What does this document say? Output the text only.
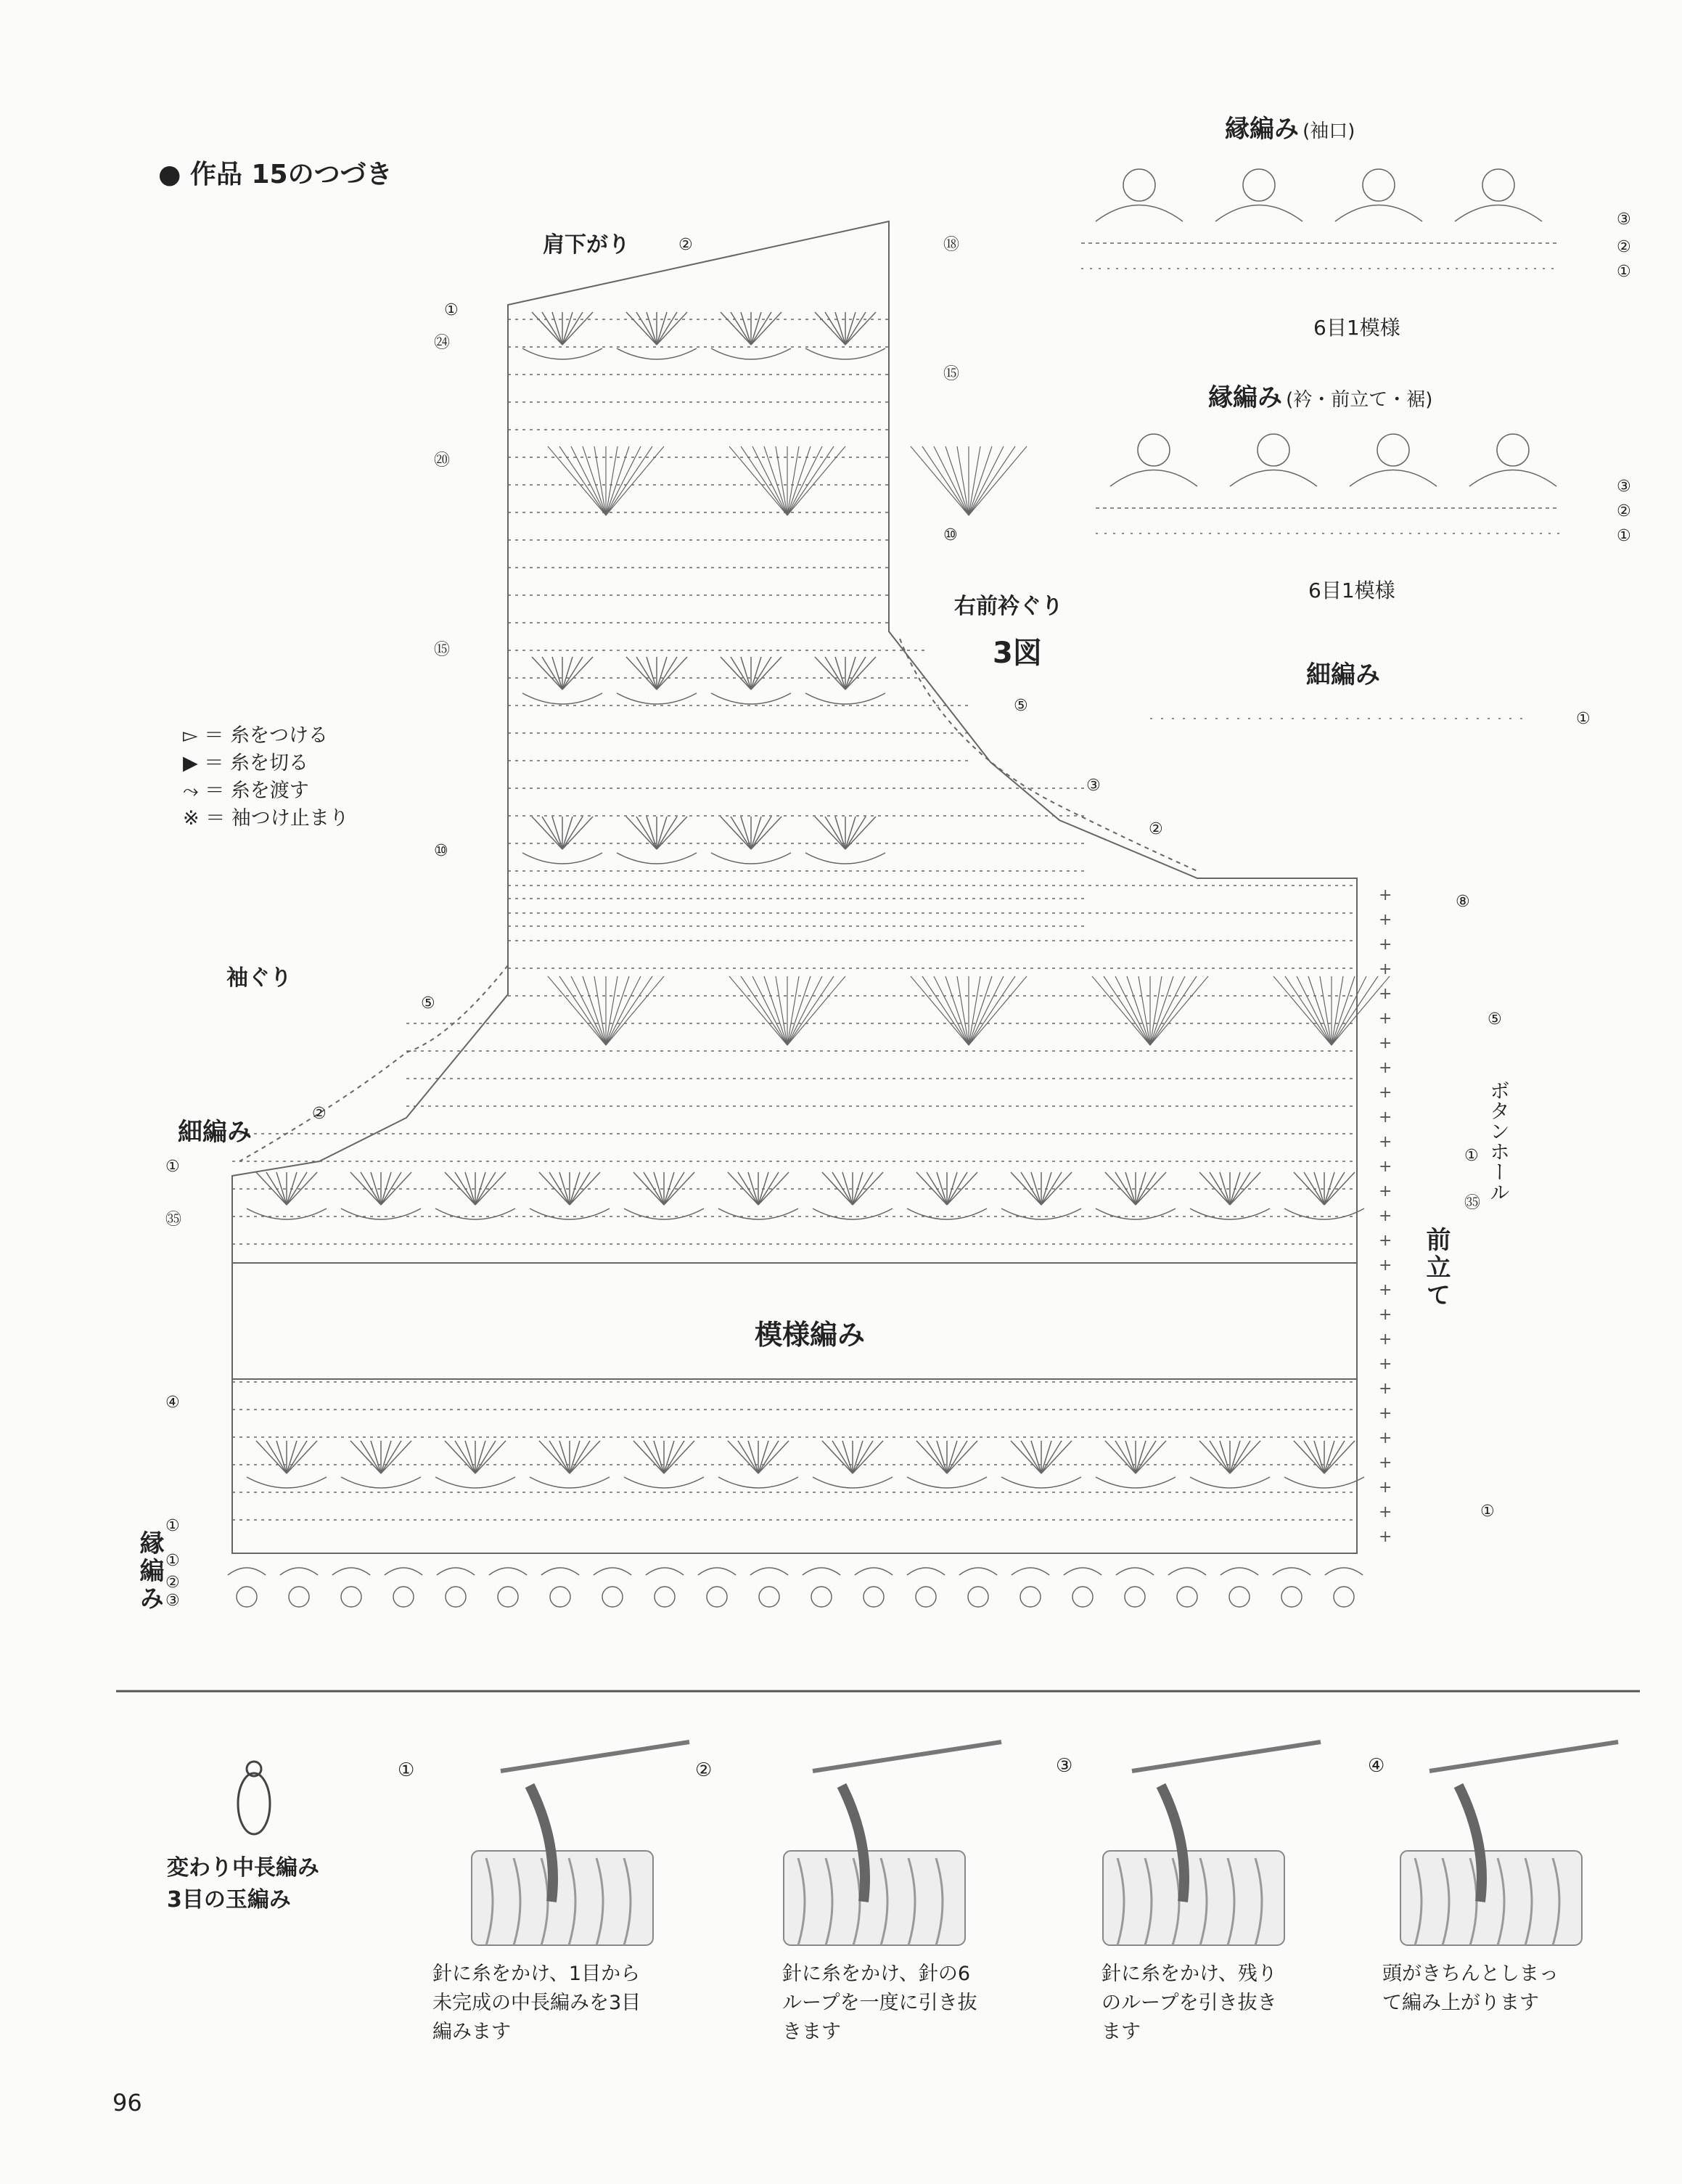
● 作品 15のつづき
+
+
+
+
+
+
+
+
+
+
+
+
+
+
+
+
+
+
+
+
+
+
+
+
+
+
+
肩下がり	②
右前衿ぐり
3図
袖ぐり
細編み
模様編み
縁編み
前立て
ボタンホール
①
㉔
⑳
⑮
⑩
⑤
②
①
㉟
④
①
①
②
③
⑱
⑮
⑩
⑤
③
②
⑧
⑤
①
㉟
①
▻ ＝ 糸をつける
▶ ＝ 糸を切る
⤳ ＝ 糸を渡す
※ ＝ 袖つけ止まり
縁編み (袖口)
6目1模様
③
②
①
縁編み (衿・前立て・裾)
6目1模様
③
②
①
細編み
①
変わり中長編み
3目の玉編み
①	②	③	④
針に糸をかけ、1目から
未完成の中長編みを3目
編みます
針に糸をかけ、針の6
ループを一度に引き抜
きます
針に糸をかけ、残り
のループを引き抜き
ます
頭がきちんとしまっ
て編み上がります
96
